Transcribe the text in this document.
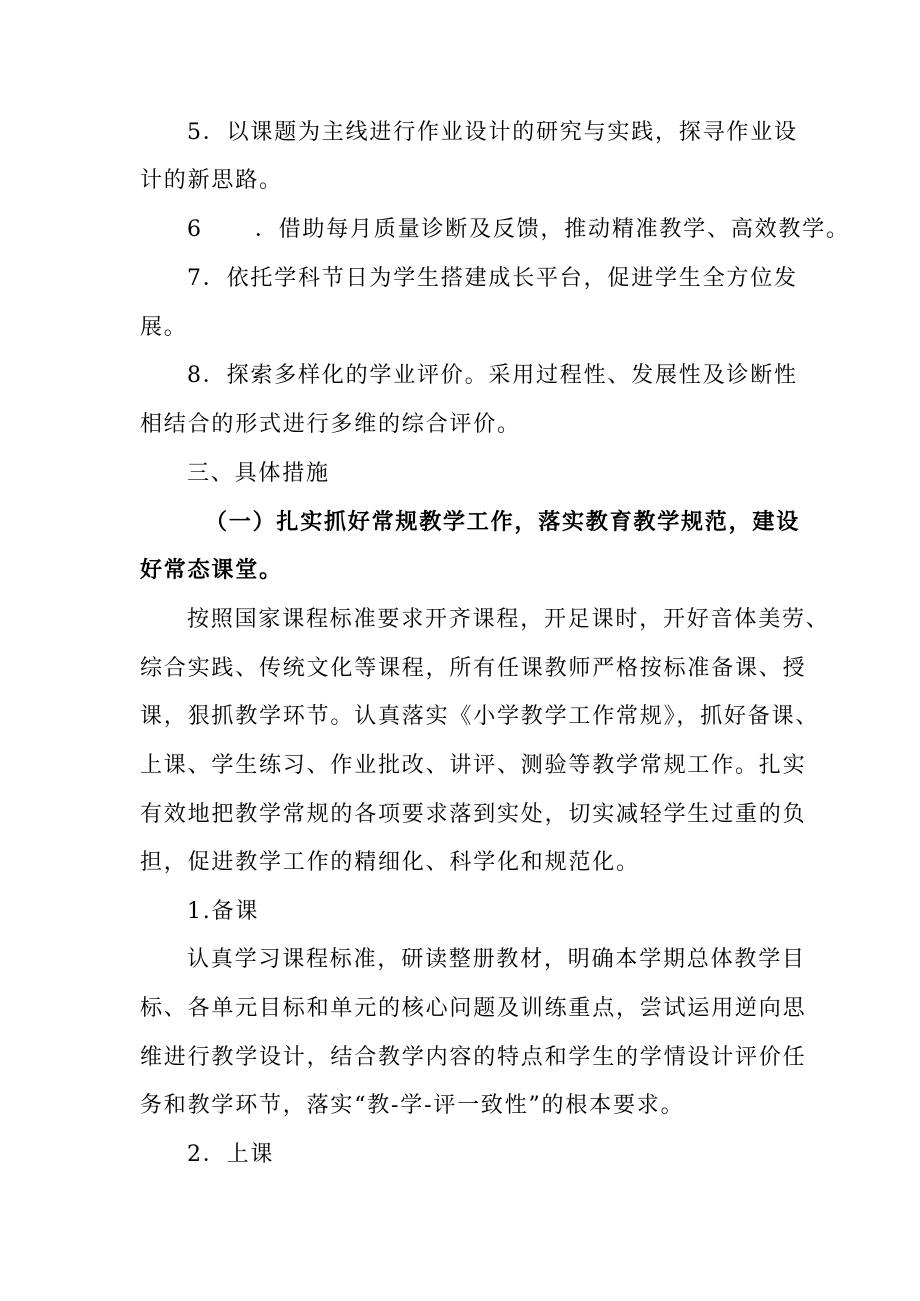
5．以课题为主线进行作业设计的研究与实践，探寻作业设
计的新思路。
6 ．借助每月质量诊断及反馈，推动精准教学、高效教学。
7．依托学科节日为学生搭建成长平台，促进学生全方位发
展。
8．探索多样化的学业评价。采用过程性、发展性及诊断性
相结合的形式进行多维的综合评价。
三、具体措施
（一）扎实抓好常规教学工作，落实教育教学规范，建设
好常态课堂。
按照国家课程标准要求开齐课程，开足课时，开好音体美劳、
综合实践、传统文化等课程，所有任课教师严格按标准备课、授
课，狠抓教学环节。认真落实《小学教学工作常规》，抓好备课、
上课、学生练习、作业批改、讲评、测验等教学常规工作。扎实
有效地把教学常规的各项要求落到实处，切实减轻学生过重的负
担，促进教学工作的精细化、科学化和规范化。
1.备课
认真学习课程标准，研读整册教材，明确本学期总体教学目
标、各单元目标和单元的核心问题及训练重点，尝试运用逆向思
维进行教学设计，结合教学内容的特点和学生的学情设计评价任
务和教学环节，落实“教-学-评一致性”的根本要求。
2．上课
